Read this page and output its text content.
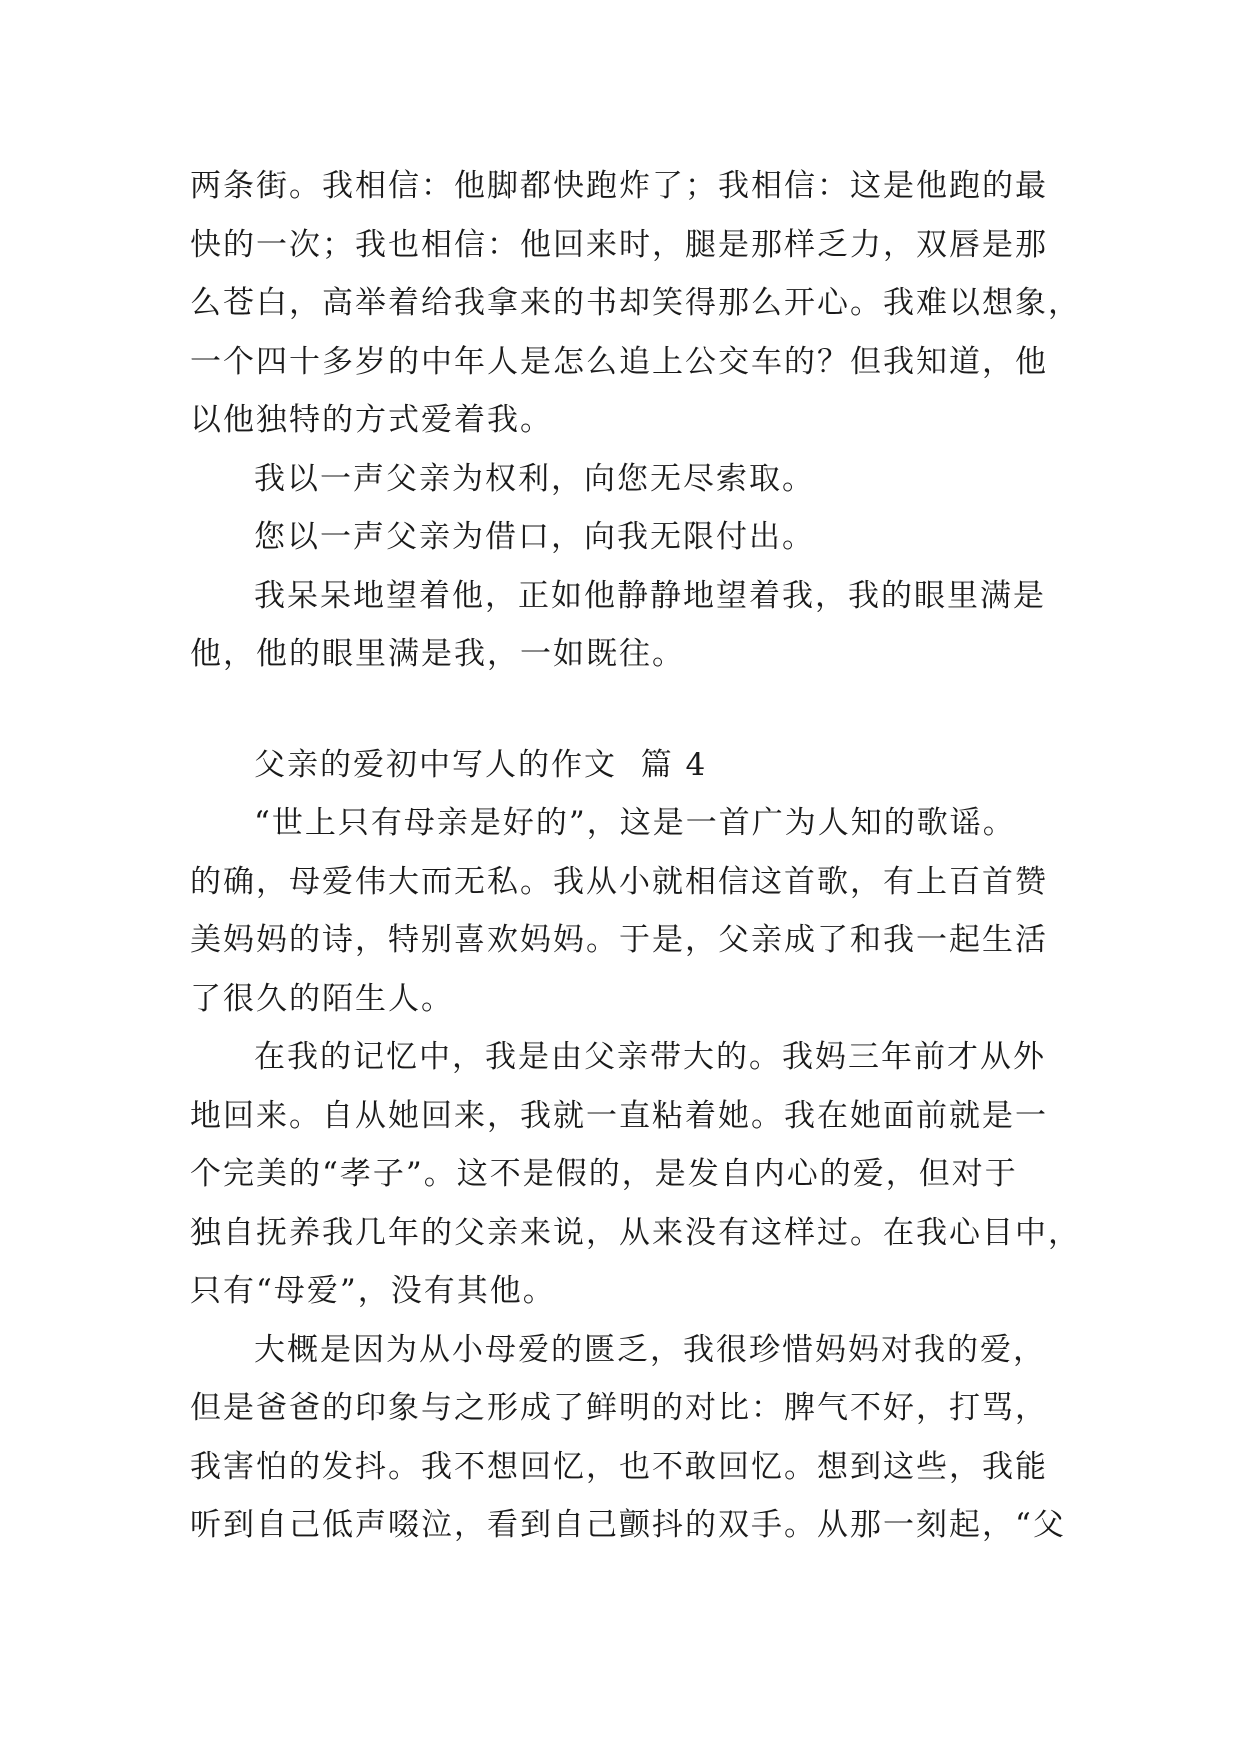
两条街。我相信：他脚都快跑炸了；我相信：这是他跑的最
快的一次；我也相信：他回来时，腿是那样乏力，双唇是那
么苍白，高举着给我拿来的书却笑得那么开心。我难以想象，
一个四十多岁的中年人是怎么追上公交车的？但我知道，他
以他独特的方式爱着我。
我以一声父亲为权利，向您无尽索取。
您以一声父亲为借口，向我无限付出。
我呆呆地望着他，正如他静静地望着我，我的眼里满是
他，他的眼里满是我，一如既往。
父亲的爱初中写人的作文  篇 4
“世上只有母亲是好的”，这是一首广为人知的歌谣。
的确，母爱伟大而无私。我从小就相信这首歌，有上百首赞
美妈妈的诗，特别喜欢妈妈。于是，父亲成了和我一起生活
了很久的陌生人。
在我的记忆中，我是由父亲带大的。我妈三年前才从外
地回来。自从她回来，我就一直粘着她。我在她面前就是一
个完美的“孝子”。这不是假的，是发自内心的爱，但对于
独自抚养我几年的父亲来说，从来没有这样过。在我心目中，
只有“母爱”，没有其他。
大概是因为从小母爱的匮乏，我很珍惜妈妈对我的爱，
但是爸爸的印象与之形成了鲜明的对比：脾气不好，打骂，
我害怕的发抖。我不想回忆，也不敢回忆。想到这些，我能
听到自己低声啜泣，看到自己颤抖的双手。从那一刻起，“父
